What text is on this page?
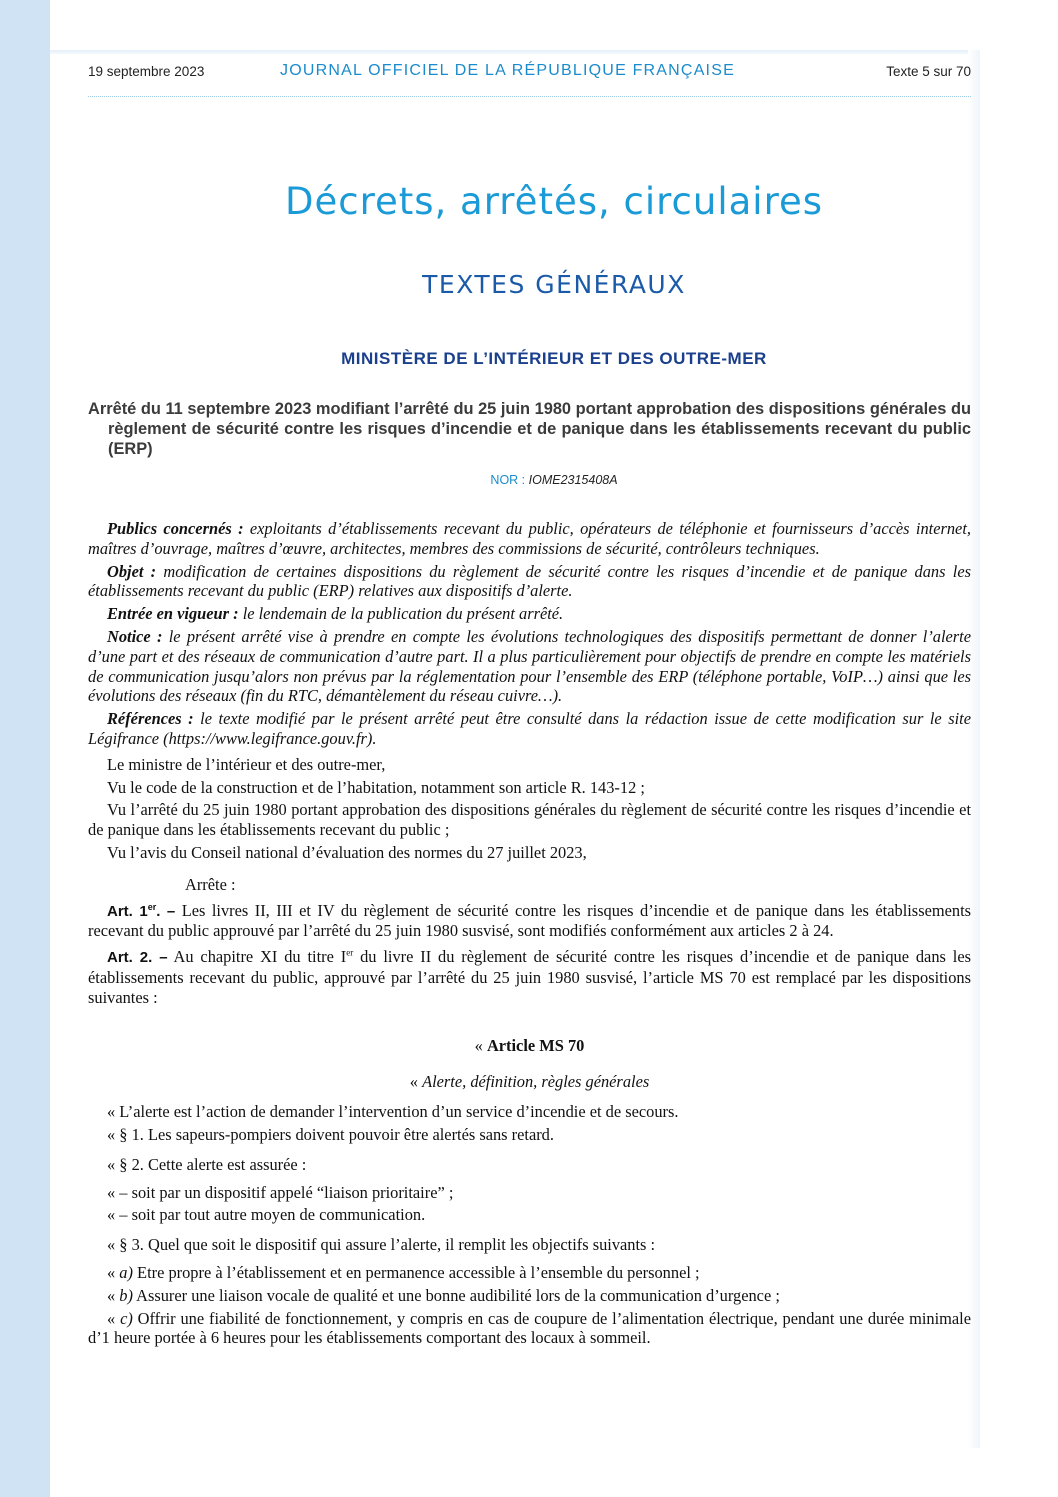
19 septembre 2023	JOURNAL OFFICIEL DE LA RÉPUBLIQUE FRANÇAISE	Texte 5 sur 70
Décrets, arrêtés, circulaires
TEXTES GÉNÉRAUX
MINISTÈRE DE L’INTÉRIEUR ET DES OUTRE-MER
Arrêté du 11 septembre 2023 modifiant l’arrêté du 25 juin 1980 portant approbation des dispositions générales du règlement de sécurité contre les risques d’incendie et de panique dans les établissements recevant du public (ERP)
NOR : IOME2315408A

Publics concernés : exploitants d’établissements recevant du public, opérateurs de téléphonie et fournisseurs d’accès internet, maîtres d’ouvrage, maîtres d’œuvre, architectes, membres des commissions de sécurité, contrôleurs techniques.

Objet : modification de certaines dispositions du règlement de sécurité contre les risques d’incendie et de panique dans les établissements recevant du public (ERP) relatives aux dispositifs d’alerte.

Entrée en vigueur : le lendemain de la publication du présent arrêté.

Notice : le présent arrêté vise à prendre en compte les évolutions technologiques des dispositifs permettant de donner l’alerte d’une part et des réseaux de communication d’autre part. Il a plus particulièrement pour objectifs de prendre en compte les matériels de communication jusqu’alors non prévus par la réglementation pour l’ensemble des ERP (téléphone portable, VoIP…) ainsi que les évolutions des réseaux (fin du RTC, démantèlement du réseau cuivre…).

Références : le texte modifié par le présent arrêté peut être consulté dans la rédaction issue de cette modification sur le site Légifrance (https://www.legifrance.gouv.fr).

Le ministre de l’intérieur et des outre-mer,

Vu le code de la construction et de l’habitation, notamment son article R. 143-12 ;

Vu l’arrêté du 25 juin 1980 portant approbation des dispositions générales du règlement de sécurité contre les risques d’incendie et de panique dans les établissements recevant du public ;

Vu l’avis du Conseil national d’évaluation des normes du 27 juillet 2023,

Arrête :

Art. 1er. – Les livres II, III et IV du règlement de sécurité contre les risques d’incendie et de panique dans les établissements recevant du public approuvé par l’arrêté du 25 juin 1980 susvisé, sont modifiés conformément aux articles 2 à 24.

Art. 2. – Au chapitre XI du titre Ier du livre II du règlement de sécurité contre les risques d’incendie et de panique dans les établissements recevant du public, approuvé par l’arrêté du 25 juin 1980 susvisé, l’article MS 70 est remplacé par les dispositions suivantes :

« Article MS 70

« Alerte, définition, règles générales

« L’alerte est l’action de demander l’intervention d’un service d’incendie et de secours.

« § 1. Les sapeurs-pompiers doivent pouvoir être alertés sans retard.

« § 2. Cette alerte est assurée :

« – soit par un dispositif appelé “liaison prioritaire” ;

« – soit par tout autre moyen de communication.

« § 3. Quel que soit le dispositif qui assure l’alerte, il remplit les objectifs suivants :

« a) Etre propre à l’établissement et en permanence accessible à l’ensemble du personnel ;

« b) Assurer une liaison vocale de qualité et une bonne audibilité lors de la communication d’urgence ;

« c) Offrir une fiabilité de fonctionnement, y compris en cas de coupure de l’alimentation électrique, pendant une durée minimale d’1 heure portée à 6 heures pour les établissements comportant des locaux à sommeil.
